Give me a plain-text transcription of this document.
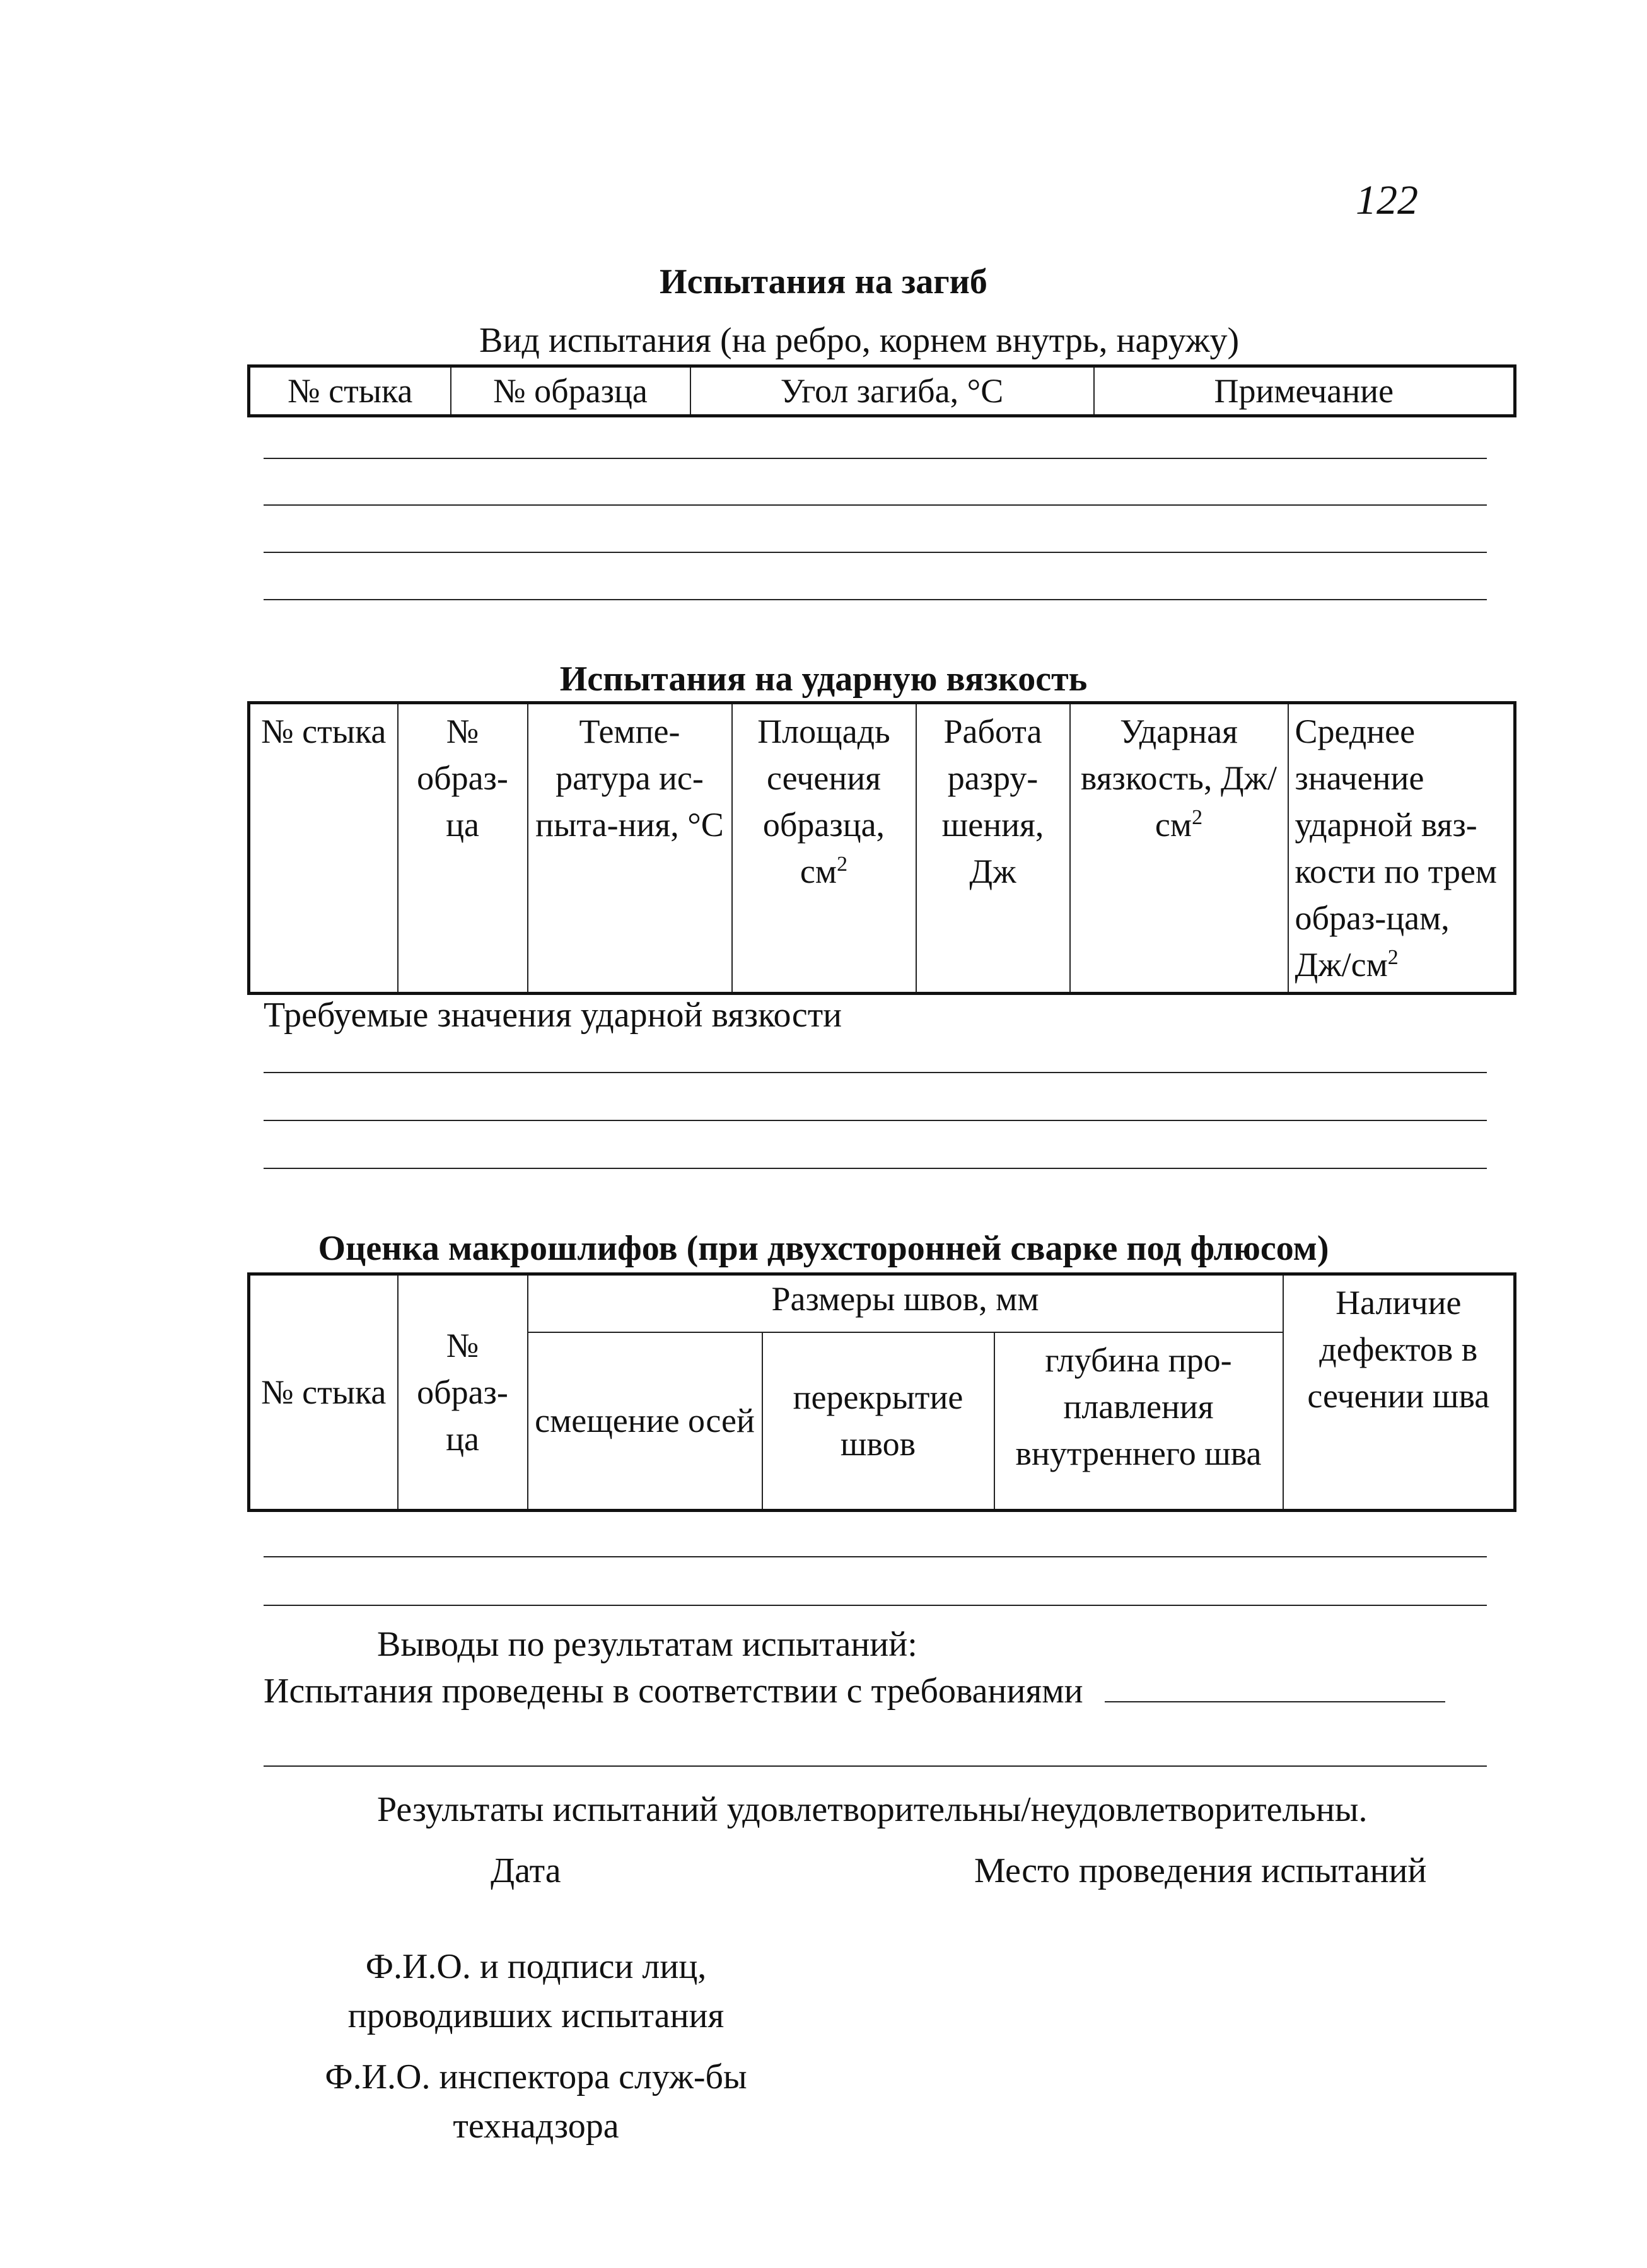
122
Испытания на загиб
Вид испытания (на ребро, корнем внутрь, наружу)
№ стыка	№ образца	Угол загиба, °С	Примечание
Испытания на ударную вязкость
№ стыка	№ образ-ца	Темпе-ратура ис-пыта-ния, °С	Площадь сечения образца, $см^2$	Работа разру-шения, Дж	Ударная вязкость, $Дж/см^2$	Среднее значение ударной вяз-кости по трем образ-цам, $Дж/см^2$
Требуемые значения ударной вязкости
Оценка макрошлифов (при двухсторонней сварке под флюсом)
№ стыка	№ образ-ца	Размеры швов, мм			Наличие дефектов в сечении шва
		смещение осей	перекрытие швов	глубина про-плавления внутреннего шва	
Выводы по результатам испытаний:
Испытания проведены в соответствии с требованиями
Результаты испытаний удовлетворительны/неудовлетворительны.
Дата	Место проведения испытаний
Ф.И.О. и подписи лиц, проводивших испытания
Ф.И.О. инспектора служ-бы технадзора
